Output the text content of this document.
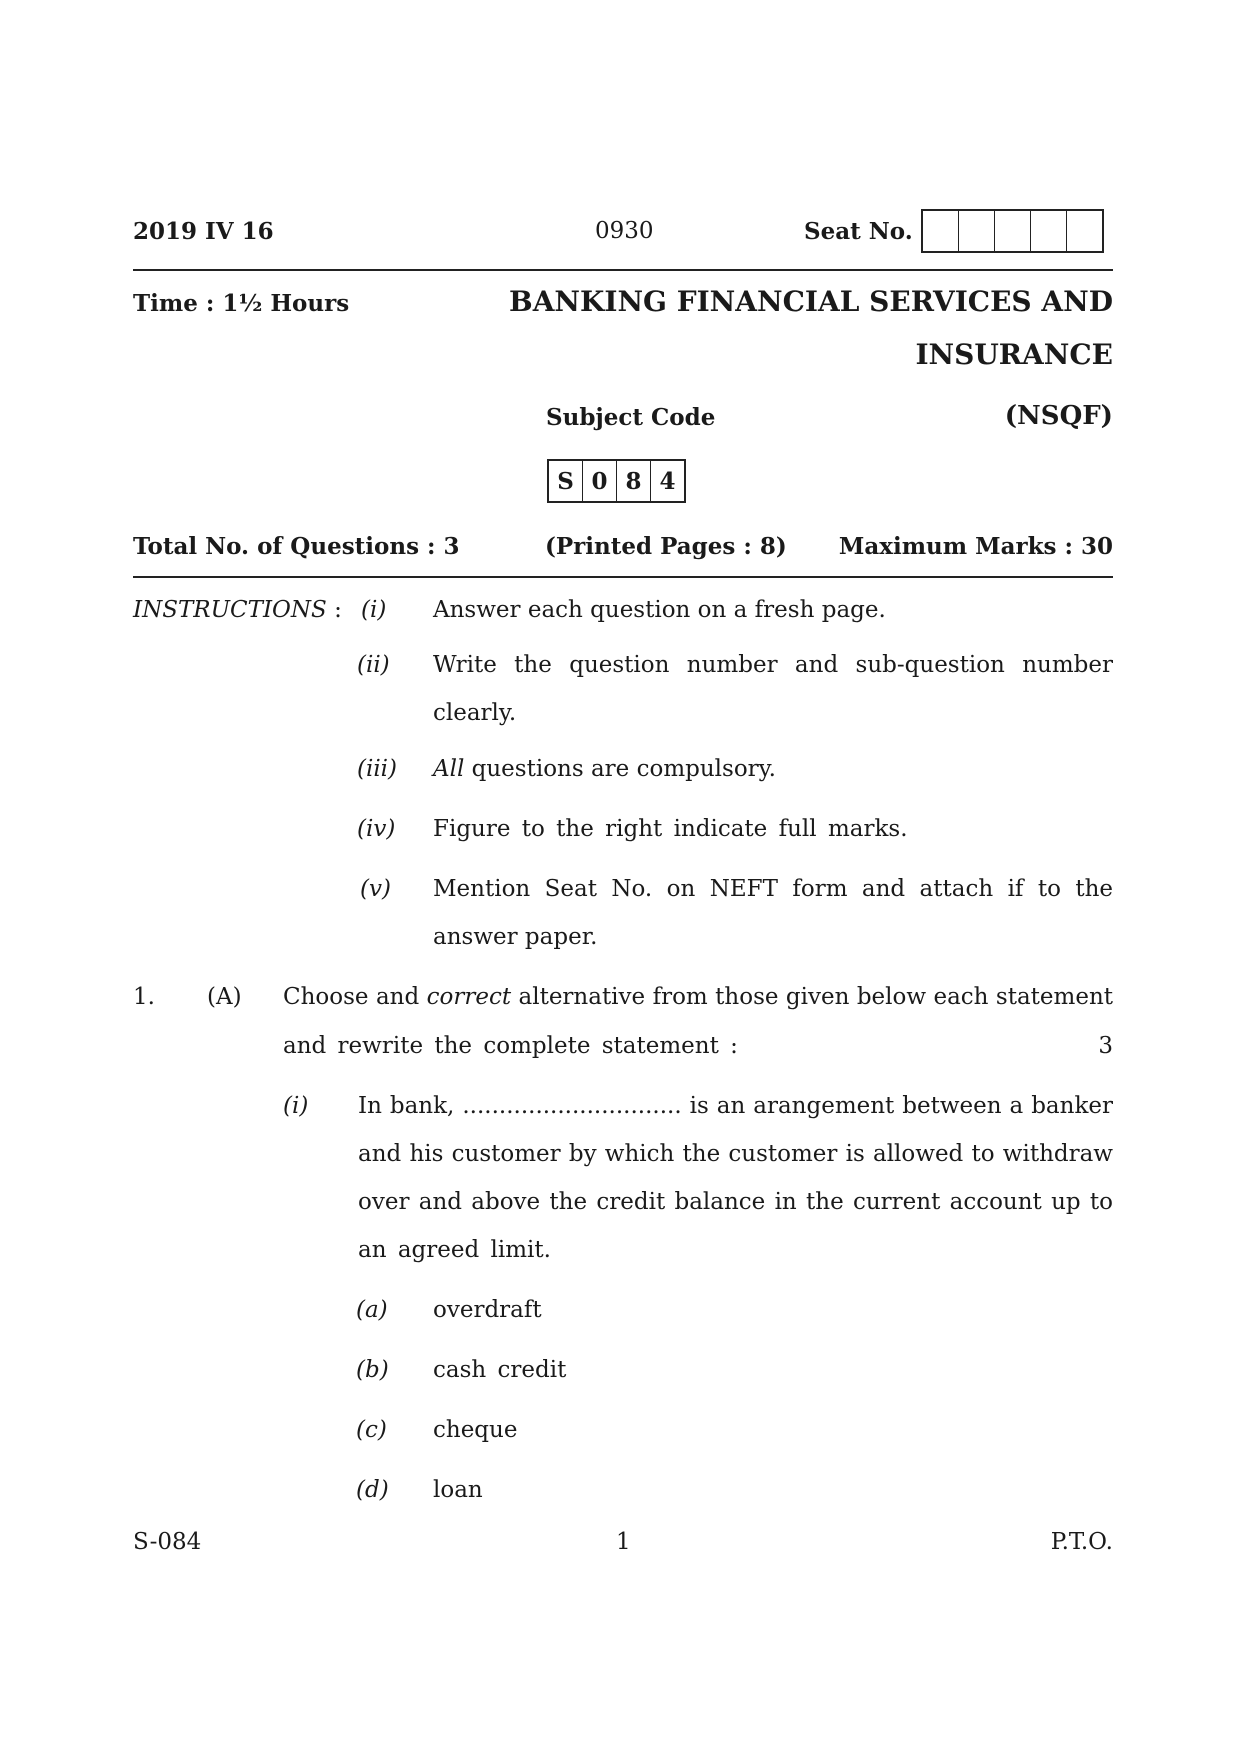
2019 IV 16	0930	Seat No.
Time : 1½ Hours	BANKING FINANCIAL SERVICES AND
INSURANCE
Subject Code	(NSQF)
S 0 8 4
Total No. of Questions : 3	(Printed Pages : 8) Maximum Marks : 30
INSTRUCTIONS : (i) Answer each question on a fresh page.
(ii) Write the question number and sub-question number
clearly.
(iii) All questions are compulsory.
(iv) Figure to the right indicate full marks.
(v) Mention Seat No. on NEFT form and attach if to the
answer paper.
1. (A) Choose and correct alternative from those given below each statement
and rewrite the complete statement :	3
(i) In bank, .............................. is an arangement between a banker
and his customer by which the customer is allowed to withdraw
over and above the credit balance in the current account up to
an agreed limit.
(a) overdraft
(b) cash credit
(c) cheque
(d) loan
S-084	1	P.T.O.
